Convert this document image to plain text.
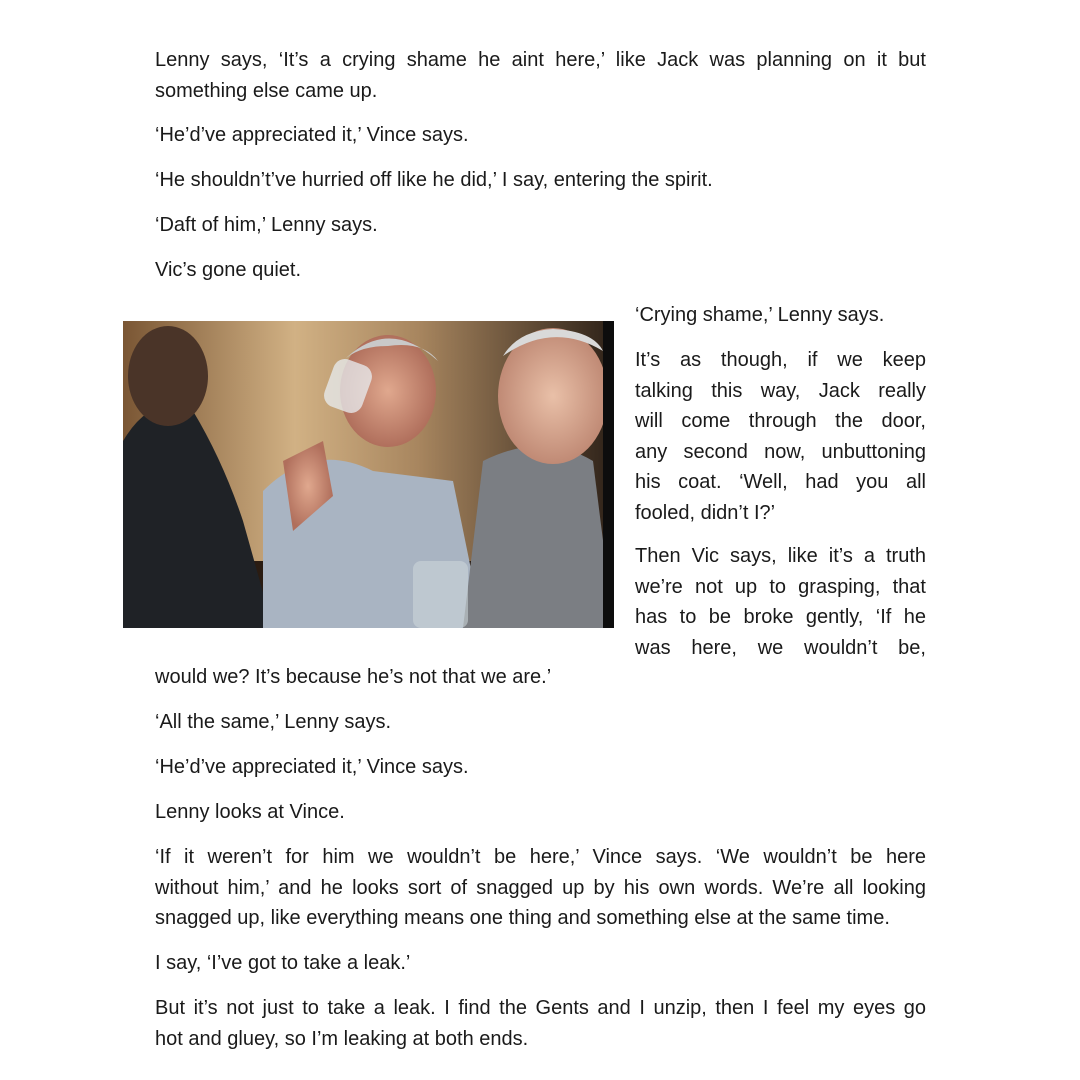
Lenny says, ‘It’s a crying shame he aint here,’ like Jack was planning on it but
something else came up.

‘He’d’ve appreciated it,’ Vince says.

‘He shouldn’t’ve hurried off like he did,’ I say, entering the spirit.

‘Daft of him,’ Lenny says.

Vic’s gone quiet.

‘Crying shame,’ Lenny says.

It’s as though, if we keep
talking this way, Jack really
will come through the door,
any second now, unbuttoning
his coat. ‘Well, had you all
fooled, didn’t I?’

Then Vic says, like it’s a truth
we’re not up to grasping, that
has to be broke gently, ‘If he
was here, we wouldn’t be,

would we? It’s because he’s not that we are.’

‘All the same,’ Lenny says.

‘He’d’ve appreciated it,’ Vince says.

Lenny looks at Vince.

‘If it weren’t for him we wouldn’t be here,’ Vince says. ‘We wouldn’t be here
without him,’ and he looks sort of snagged up by his own words. We’re all looking
snagged up, like everything means one thing and something else at the same time.

I say, ‘I’ve got to take a leak.’

But it’s not just to take a leak. I find the Gents and I unzip, then I feel my eyes go
hot and gluey, so I’m leaking at both ends.
